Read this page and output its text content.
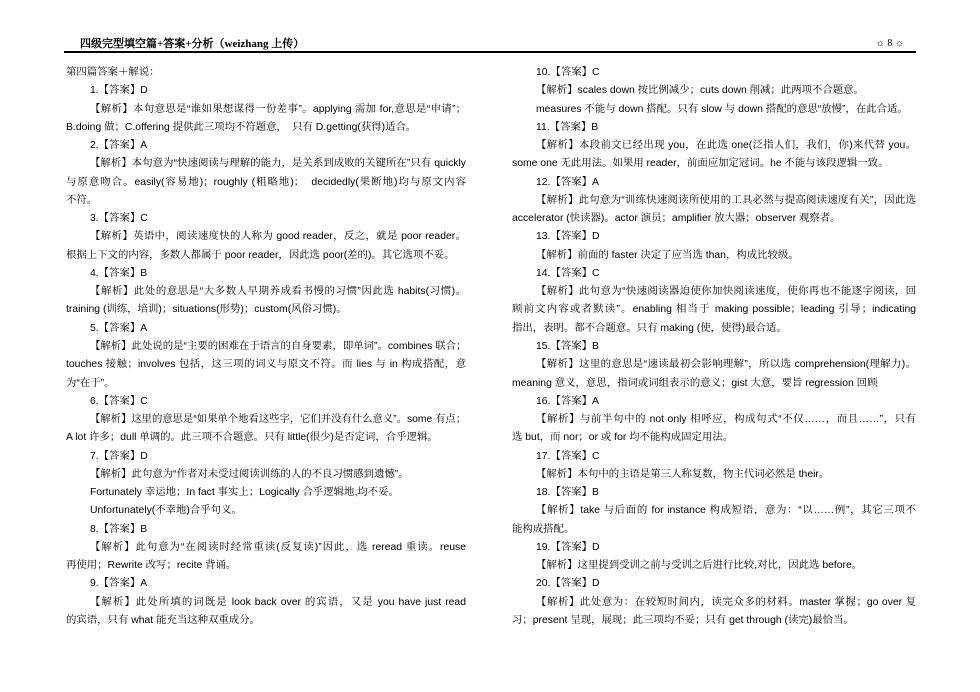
四级完型填空篇+答案+分析（weizhang 上传）	☼ 8 ☼
第四篇答案＋解说：
1.【答案】D
【解析】本句意思是“谁如果想谋得一份差事”。applying 需加 for,意思是“申请”；
B.doing 做；C.offering 提供此三项均不符题意，　只有 D.getting(获得)适合。
2.【答案】A
【解析】本句意为“快速阅读与理解的能力，是关系到成败的关键所在”只有 quickly
与原意吻合。easily(容易地)；roughly (粗略地)；　decidedly(果断地)均与原文内容
不符。
3.【答案】C
【解析】英语中，阅读速度快的人称为 good reader，反之，就是 poor reader。
根据上下文的内容，多数人都属于 poor reader，因此选 poor(差的)。其它选项不妥。
4.【答案】B
【解析】此处的意思是“大多数人早期养成看书慢的习惯”因此选 habits(习惯)。
training (训练，培训)；situations(形势)；custom(风俗习惯)。
5.【答案】A
【解析】此处说的是“主要的困难在于语言的自身要素，即单词”。combines 联合；
touches 接触；involves 包括，这三项的词义与原文不符。而 lies 与 in 构成搭配，意
为“在于”。
6.【答案】C
【解析】这里的意思是“如果单个地看这些字，它们并没有什么意义”。some 有点；
A lot 许多；dull 单调的。此三项不合题意。只有 little(很少)是否定词，合乎逻辑。
7.【答案】D
【解析】此句意为“作者对未受过阅读训练的人的不良习惯感到遗憾”。
Fortunately 幸运地；In fact 事实上；Logically 合乎逻辑地,均不妥。
Unfortunately(不幸地)合乎句义。
8.【答案】B
【解析】此句意为“在阅读时经常重读(反复读)”因此，选 reread 重读。reuse
再使用；Rewrite 改写；recite 背诵。
9.【答案】A
【解析】此处所填的词既是 look back over 的宾语，又是 you have just read
的宾语，只有 what 能充当这种双重成分。
10.【答案】C
【解析】scales down 按比例减少；cuts down 削减；此两项不合题意。
measures 不能与 down 搭配。只有 slow 与 down 搭配的意思“放慢”，在此合适。
11.【答案】B
【解析】本段前文已经出现 you，在此选 one(泛指人们，我们，你)来代替 you。
some one 无此用法。如果用 reader，前面应加定冠词。he 不能与该段逻辑一致。
12.【答案】A
【解析】此句意为“训练快速阅读所使用的工具必然与提高阅读速度有关”，因此选
accelerator (快读器)。actor 演员；amplifier 放大器；observer 观察者。
13.【答案】D
【解析】前面的 faster 决定了应当选 than，构成比较级。
14.【答案】C
【解析】此句意为“快速阅读器迫使你加快阅读速度，使你再也不能逐字阅读，回
顾前文内容或者默读”。enabling 相当于 making possible；leading 引导；indicating
指出，表明。都不合题意。只有 making (使，使得)最合适。
15.【答案】B
【解析】这里的意思是“速读最初会影响理解”，所以选 comprehension(理解力)。
meaning 意义，意思，指词或词组表示的意义；gist 大意，要旨 regression 回顾
16.【答案】A
【解析】与前半句中的 not only 相呼应，构成句式“不仅……，而且……”，只有
选 but，而 nor；or 或 for 均不能构成固定用法。
17.【答案】C
【解析】本句中的主语是第三人称复数，物主代词必然是 their。
18.【答案】B
【解析】take 与后面的 for instance 构成短语，意为：“以……例”，其它三项不
能构成搭配。
19.【答案】D
【解析】这里提到受训之前与受训之后进行比较,对比，因此选 before。
20.【答案】D
【解析】此处意为：在较短时间内，读完众多的材料。master 掌握；go over 复
习；present 呈现，展现；此三项均不妥；只有 get through (读完)最恰当。
